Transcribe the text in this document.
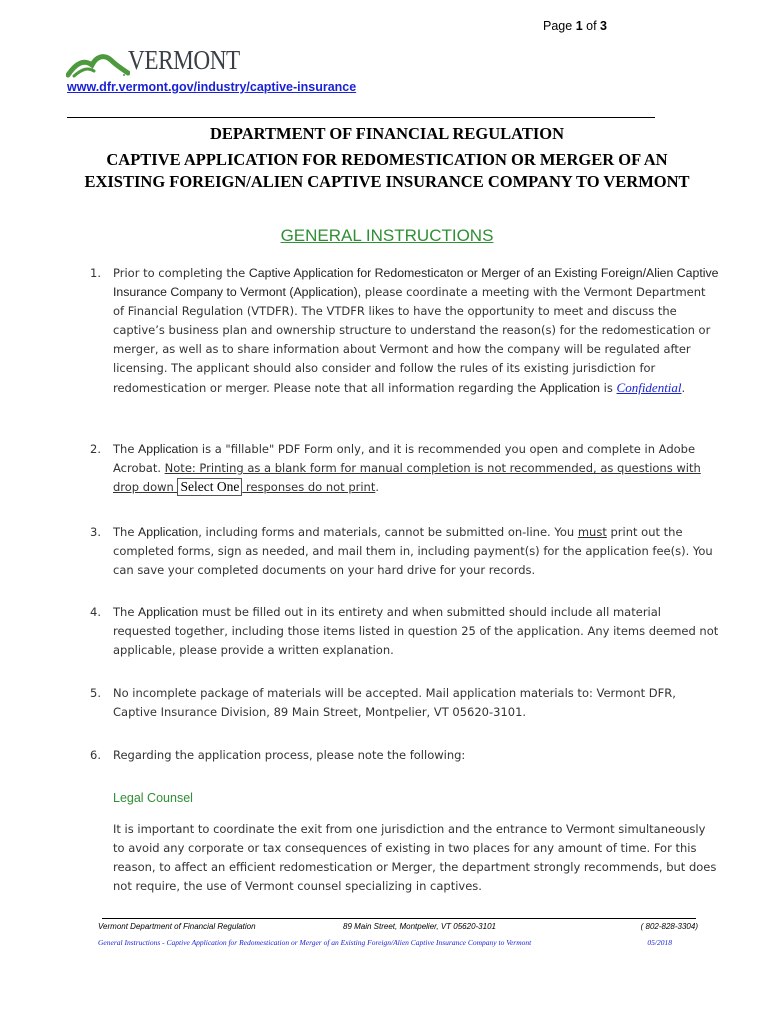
Page 1 of 3
VERMONT
www.dfr.vermont.gov/industry/captive-insurance
DEPARTMENT OF FINANCIAL REGULATION
CAPTIVE APPLICATION FOR REDOMESTICATION OR MERGER OF AN EXISTING FOREIGN/ALIEN CAPTIVE INSURANCE COMPANY TO VERMONT
GENERAL INSTRUCTIONS
1. Prior to completing the Captive Application for Redomesticaton or Merger of an Existing Foreign/Alien Captive Insurance Company to Vermont (Application), please coordinate a meeting with the Vermont Department of Financial Regulation (VTDFR). The VTDFR likes to have the opportunity to meet and discuss the captive’s business plan and ownership structure to understand the reason(s) for the redomestication or merger, as well as to share information about Vermont and how the company will be regulated after licensing. The applicant should also consider and follow the rules of its existing jurisdiction for redomestication or merger. Please note that all information regarding the Application is Confidential.
2. The Application is a "fillable" PDF Form only, and it is recommended you open and complete in Adobe Acrobat. Note: Printing as a blank form for manual completion is not recommended, as questions with drop down Select One responses do not print.
3. The Application, including forms and materials, cannot be submitted on-line. You must print out the completed forms, sign as needed, and mail them in, including payment(s) for the application fee(s). You can save your completed documents on your hard drive for your records.
4. The Application must be filled out in its entirety and when submitted should include all material requested together, including those items listed in question 25 of the application. Any items deemed not applicable, please provide a written explanation.
5. No incomplete package of materials will be accepted. Mail application materials to: Vermont DFR, Captive Insurance Division, 89 Main Street, Montpelier, VT 05620-3101.
6. Regarding the application process, please note the following:
Legal Counsel
It is important to coordinate the exit from one jurisdiction and the entrance to Vermont simultaneously to avoid any corporate or tax consequences of existing in two places for any amount of time. For this reason, to affect an efficient redomestication or Merger, the department strongly recommends, but does not require, the use of Vermont counsel specializing in captives.
Vermont Department of Financial Regulation	89 Main Street, Montpelier, VT 05620-3101	( 802-828-3304)
General Instructions - Captive Application for Redomestication or Merger of an Existing Foreign/Alien Captive Insurance Company to Vermont	05/2018
